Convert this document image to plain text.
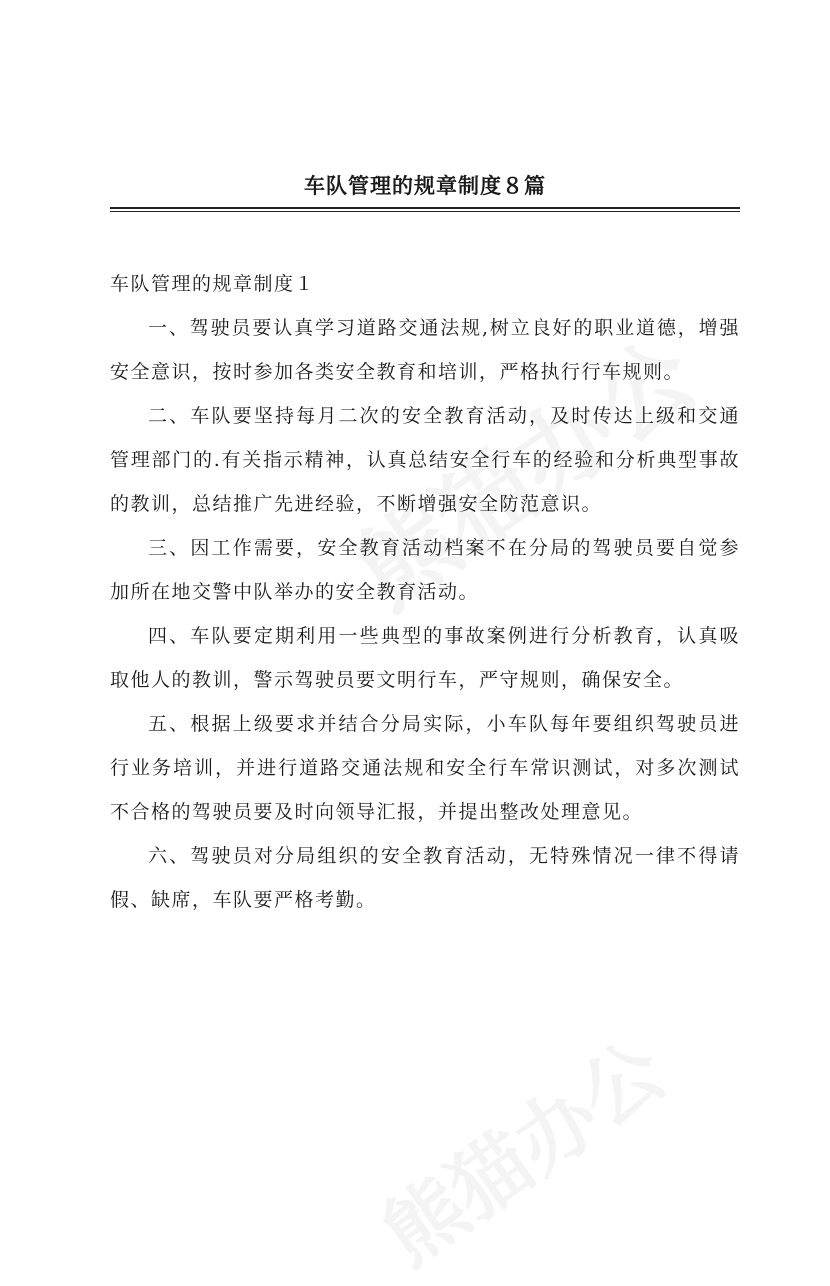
车队管理的规章制度８篇

车队管理的规章制度１

一、驾驶员要认真学习道路交通法规,树立良好的职业道德，增强安全意识，按时参加各类安全教育和培训，严格执行行车规则。

二、车队要坚持每月二次的安全教育活动，及时传达上级和交通管理部门的.有关指示精神，认真总结安全行车的经验和分析典型事故的教训，总结推广先进经验，不断增强安全防范意识。

三、因工作需要，安全教育活动档案不在分局的驾驶员要自觉参加所在地交警中队举办的安全教育活动。

四、车队要定期利用一些典型的事故案例进行分析教育，认真吸取他人的教训，警示驾驶员要文明行车，严守规则，确保安全。

五、根据上级要求并结合分局实际，小车队每年要组织驾驶员进行业务培训，并进行道路交通法规和安全行车常识测试，对多次测试不合格的驾驶员要及时向领导汇报，并提出整改处理意见。

六、驾驶员对分局组织的安全教育活动，无特殊情况一律不得请假、缺席，车队要严格考勤。
